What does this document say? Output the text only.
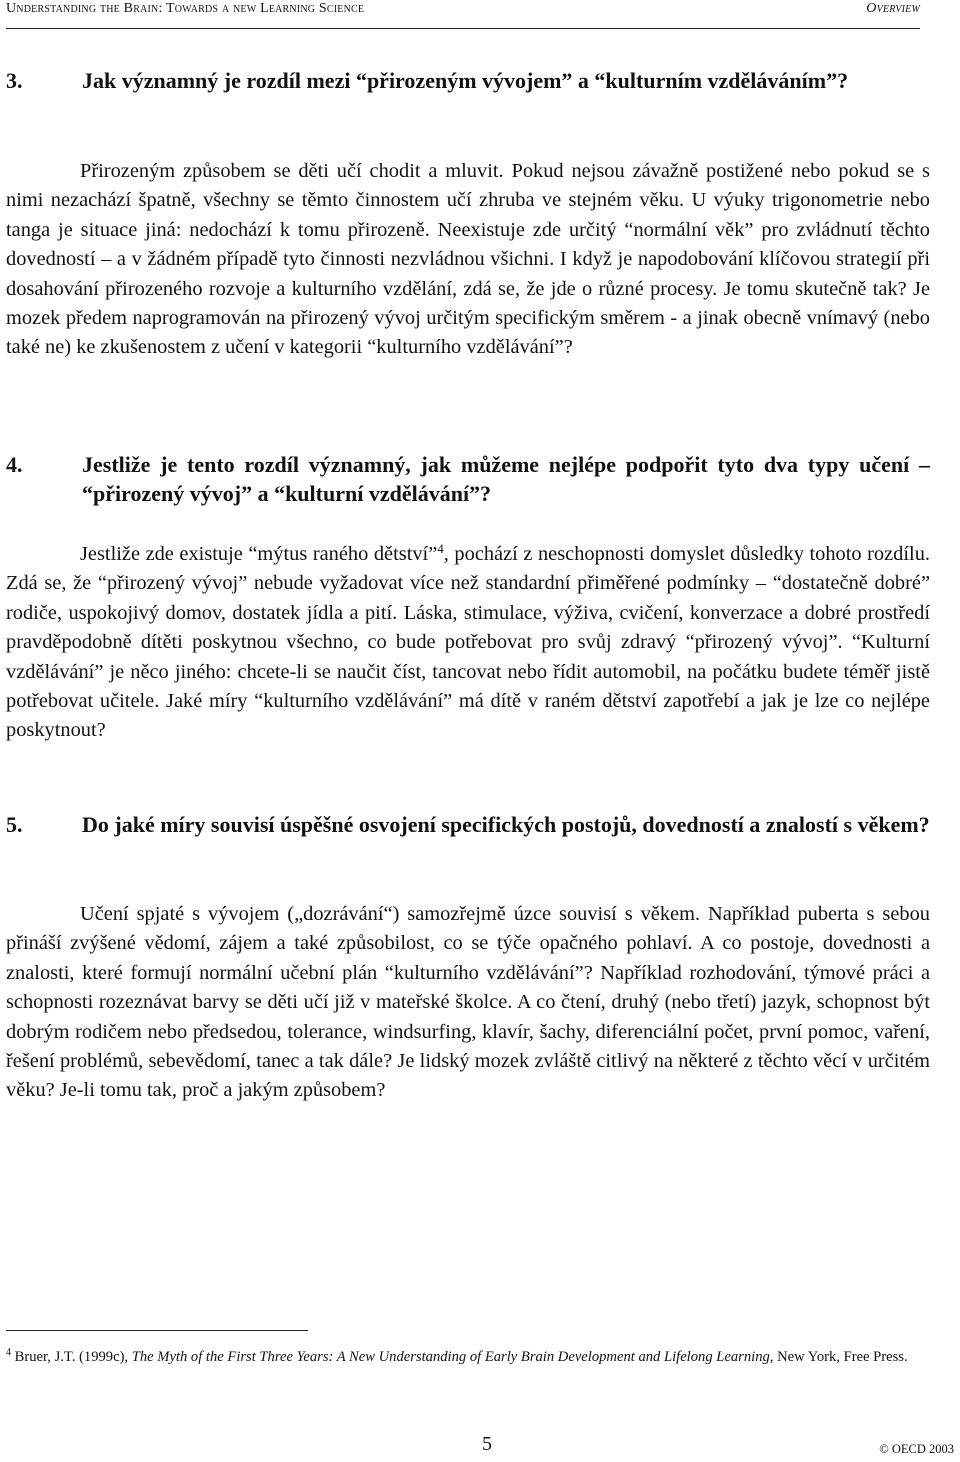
Understanding the Brain: Towards a new Learning Science	Overview
3.	Jak významný je rozdíl mezi “přirozeným vývojem” a “kulturním vzděláváním”?
Přirozeným způsobem se děti učí chodit a mluvit. Pokud nejsou závažně postižené nebo pokud se s nimi nezachází špatně, všechny se těmto činnostem učí zhruba ve stejném věku. U výuky trigonometrie nebo tanga je situace jiná: nedochází k tomu přirozeně. Neexistuje zde určitý “normální věk” pro zvládnutí těchto dovedností – a v žádném případě tyto činnosti nezvládnou všichni. I když je napodobování klíčovou strategií při dosahování přirozeného rozvoje a kulturního vzdělání, zdá se, že jde o různé procesy. Je tomu skutečně tak? Je mozek předem naprogramován na přirozený vývoj určitým specifickým směrem - a jinak obecně vnímavý (nebo také ne) ke zkušenostem z učení v kategorii “kulturního vzdělávání”?
4.	Jestliže je tento rozdíl významný, jak můžeme nejlépe podpořit tyto dva typy učení – “přirozený vývoj” a “kulturní vzdělávání”?
Jestliže zde existuje “mýtus raného dětství”$^4$, pochází z neschopnosti domyslet důsledky tohoto rozdílu. Zdá se, že “přirozený vývoj” nebude vyžadovat více než standardní přiměřené podmínky – “dostatečně dobré” rodiče, uspokojivý domov, dostatek jídla a pití. Láska, stimulace, výživa, cvičení, konverzace a dobré prostředí pravděpodobně dítěti poskytnou všechno, co bude potřebovat pro svůj zdravý “přirozený vývoj”. “Kulturní vzdělávání” je něco jiného: chcete-li se naučit číst, tancovat nebo řídit automobil, na počátku budete téměř jistě potřebovat učitele. Jaké míry “kulturního vzdělávání” má dítě v raném dětství zapotřebí a jak je lze co nejlépe poskytnout?
5.	Do jaké míry souvisí úspěšné osvojení specifických postojů, dovedností a znalostí s věkem?
Učení spjaté s vývojem („dozrávání“) samozřejmě úzce souvisí s věkem. Například puberta s sebou přináší zvýšené vědomí, zájem a také způsobilost, co se týče opačného pohlaví. A co postoje, dovednosti a znalosti, které formují normální učební plán “kulturního vzdělávání”? Například rozhodování, týmové práci a schopnosti rozeznávat barvy se děti učí již v mateřské školce. A co čtení, druhý (nebo třetí) jazyk, schopnost být dobrým rodičem nebo předsedou, tolerance, windsurfing, klavír, šachy, diferenciální počet, první pomoc, vaření, řešení problémů, sebevědomí, tanec a tak dále? Je lidský mozek zvláště citlivý na některé z těchto věcí v určitém věku? Je-li tomu tak, proč a jakým způsobem?
$^4$ Bruer, J.T. (1999c), The Myth of the First Three Years: A New Understanding of Early Brain Development and Lifelong Learning, New York, Free Press.
5	© OECD 2003
